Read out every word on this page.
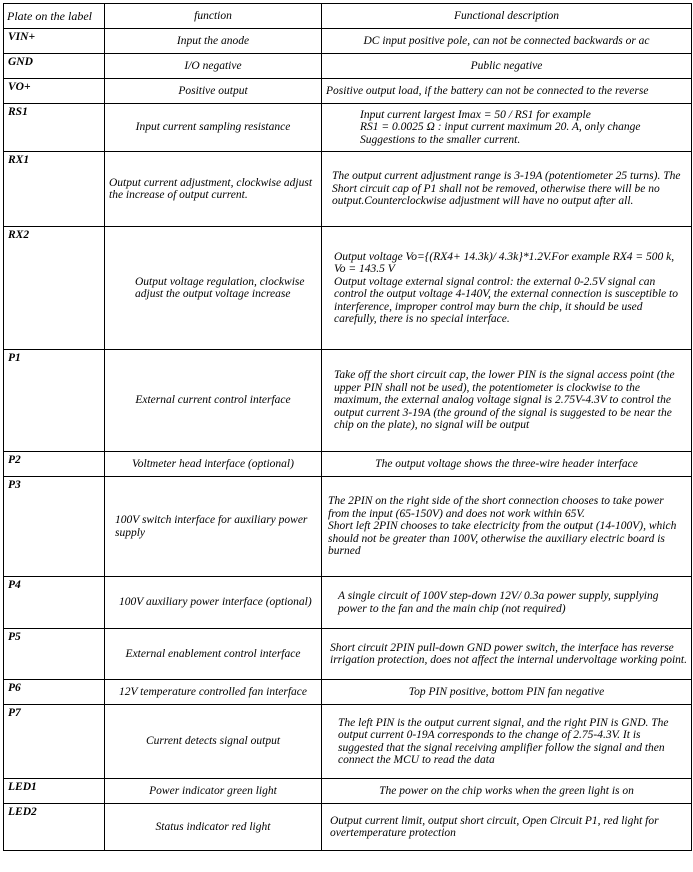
Plate on the label	function	Functional description
VIN+	Input the anode	DC input positive pole, can not be connected backwards or ac
GND	I/O negative	Public negative
VO+	Positive output	Positive output load, if the battery can not be connected to the reverse
RS1	Input current sampling resistance	Input current largest Imax = 50 / RS1 for example
RS1 = 0.0025 Ω : input current maximum 20. A, only change Suggestions to the smaller current.
RX1	Output current adjustment, clockwise adjust the increase of output current.	The output current adjustment range is 3-19A (potentiometer 25 turns). The Short circuit cap of P1 shall not be removed, otherwise there will be no output.Counterclockwise adjustment will have no output after all.
RX2	Output voltage regulation, clockwise adjust the output voltage increase	Output voltage Vo={(RX4+ 14.3k)/ 4.3k}*1.2V.For example RX4 = 500 k, Vo = 143.5 V
Output voltage external signal control: the external 0-2.5V signal can control the output voltage 4-140V, the external connection is susceptible to interference, improper control may burn the chip, it should be used carefully, there is no special interface.
P1	External current control interface	Take off the short circuit cap, the lower PIN is the signal access point (the upper PIN shall not be used), the potentiometer is clockwise to the maximum, the external analog voltage signal is 2.75V-4.3V to control the output current 3-19A (the ground of the signal is suggested to be near the chip on the plate), no signal will be output
P2	Voltmeter head interface (optional)	The output voltage shows the three-wire header interface
P3	100V switch interface for auxiliary power supply	The 2PIN on the right side of the short connection chooses to take power from the input (65-150V) and does not work within 65V.
Short left 2PIN chooses to take electricity from the output (14-100V), which should not be greater than 100V, otherwise the auxiliary electric board is burned
P4	100V auxiliary power interface (optional)	A single circuit of 100V step-down 12V/ 0.3a power supply, supplying power to the fan and the main chip (not required)
P5	External enablement control interface	Short circuit 2PIN pull-down GND power switch, the interface has reverse irrigation protection, does not affect the internal undervoltage working point.
P6	12V temperature controlled fan interface	Top PIN positive, bottom PIN fan negative
P7	Current detects signal output	The left PIN is the output current signal, and the right PIN is GND. The output current 0-19A corresponds to the change of 2.75-4.3V. It is suggested that the signal receiving amplifier follow the signal and then connect the MCU to read the data
LED1	Power indicator green light	The power on the chip works when the green light is on
LED2	Status indicator red light	Output current limit, output short circuit, Open Circuit P1, red light for overtemperature protection
